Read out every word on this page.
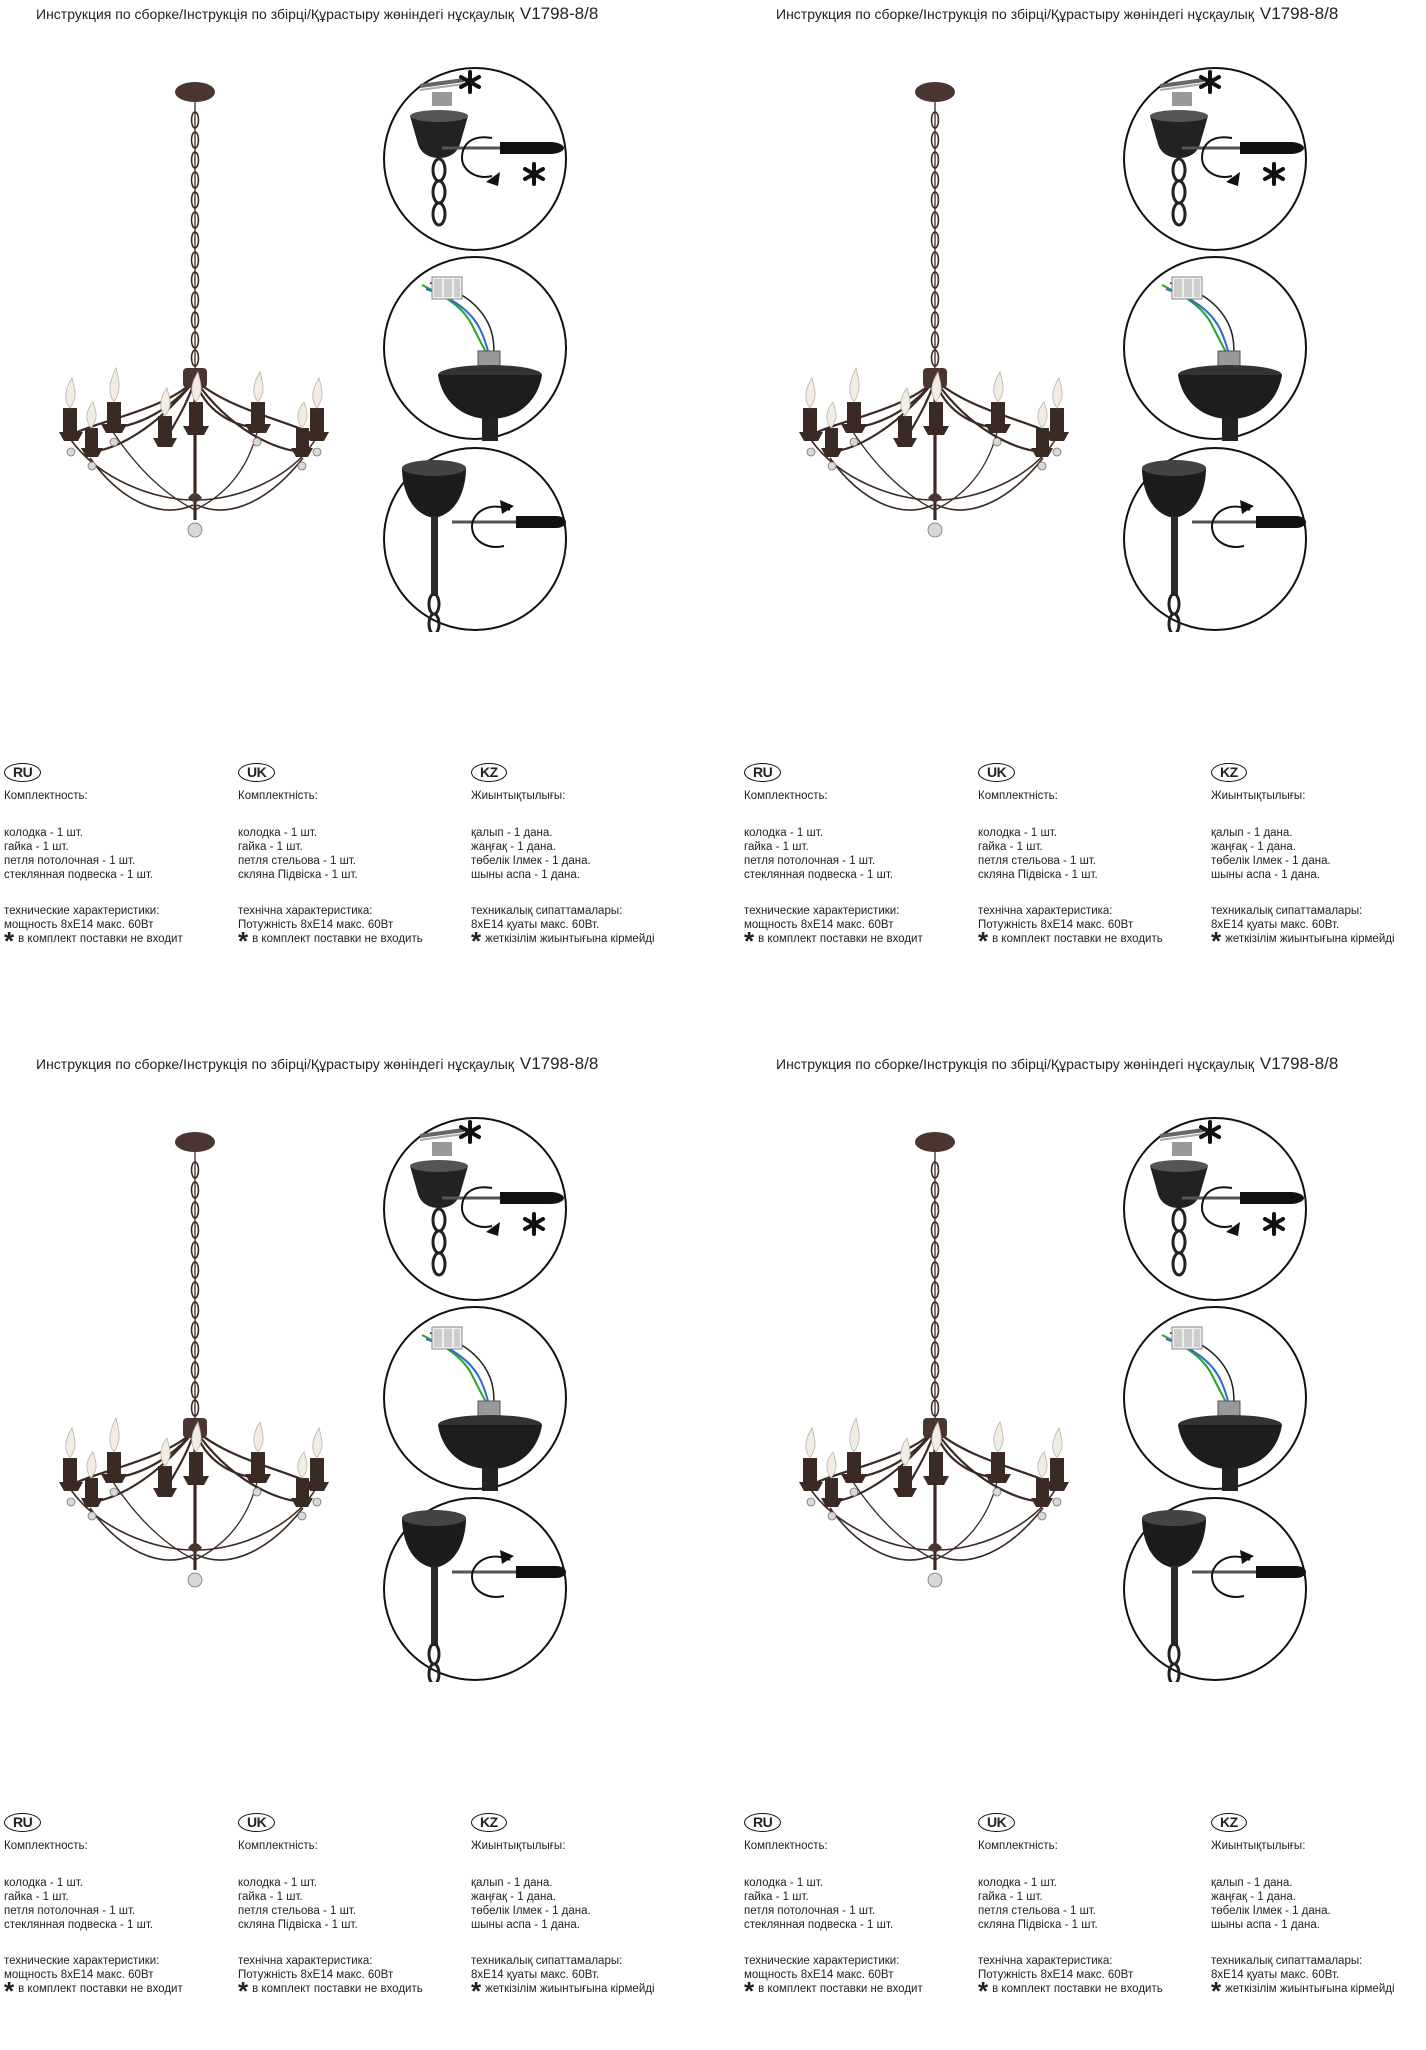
Инструкция по сборке/Інструкція по збірці/Құрастыру жөніндегі нұсқаулық V1798-8/8
RU
Комплектность:
колодка - 1 шт.
гайка - 1 шт.
петля потолочная - 1 шт.
стеклянная подвеска - 1 шт.
технические характеристики:
мощность 8хЕ14 макс. 60Вт
* в комплект поставки не входит
UK
Комплектність:
колодка - 1 шт.
гайка - 1 шт.
петля стельова - 1 шт.
скляна Підвіска - 1 шт.
технічна характеристика:
Потужність 8хЕ14 макс. 60Вт
* в комплект поставки не входить
KZ
Жиынтықтылығы:
қалып - 1 дана.
жаңғақ - 1 дана.
төбелік Ілмек - 1 дана.
шыны аспа - 1 дана.
техникалық сипаттамалары:
8хЕ14 қуаты макс. 60Вт.
* жеткізілім жиынтығына кірмейді
Инструкция по сборке/Інструкція по збірці/Құрастыру жөніндегі нұсқаулық V1798-8/8
RU
Комплектность:
колодка - 1 шт.
гайка - 1 шт.
петля потолочная - 1 шт.
стеклянная подвеска - 1 шт.
технические характеристики:
мощность 8хЕ14 макс. 60Вт
* в комплект поставки не входит
UK
Комплектність:
колодка - 1 шт.
гайка - 1 шт.
петля стельова - 1 шт.
скляна Підвіска - 1 шт.
технічна характеристика:
Потужність 8хЕ14 макс. 60Вт
* в комплект поставки не входить
KZ
Жиынтықтылығы:
қалып - 1 дана.
жаңғақ - 1 дана.
төбелік Ілмек - 1 дана.
шыны аспа - 1 дана.
техникалық сипаттамалары:
8хЕ14 қуаты макс. 60Вт.
* жеткізілім жиынтығына кірмейді
Инструкция по сборке/Інструкція по збірці/Құрастыру жөніндегі нұсқаулық V1798-8/8
RU
Комплектность:
колодка - 1 шт.
гайка - 1 шт.
петля потолочная - 1 шт.
стеклянная подвеска - 1 шт.
технические характеристики:
мощность 8хЕ14 макс. 60Вт
* в комплект поставки не входит
UK
Комплектність:
колодка - 1 шт.
гайка - 1 шт.
петля стельова - 1 шт.
скляна Підвіска - 1 шт.
технічна характеристика:
Потужність 8хЕ14 макс. 60Вт
* в комплект поставки не входить
KZ
Жиынтықтылығы:
қалып - 1 дана.
жаңғақ - 1 дана.
төбелік Ілмек - 1 дана.
шыны аспа - 1 дана.
техникалық сипаттамалары:
8хЕ14 қуаты макс. 60Вт.
* жеткізілім жиынтығына кірмейді
Инструкция по сборке/Інструкція по збірці/Құрастыру жөніндегі нұсқаулық V1798-8/8
RU
Комплектность:
колодка - 1 шт.
гайка - 1 шт.
петля потолочная - 1 шт.
стеклянная подвеска - 1 шт.
технические характеристики:
мощность 8хЕ14 макс. 60Вт
* в комплект поставки не входит
UK
Комплектність:
колодка - 1 шт.
гайка - 1 шт.
петля стельова - 1 шт.
скляна Підвіска - 1 шт.
технічна характеристика:
Потужність 8хЕ14 макс. 60Вт
* в комплект поставки не входить
KZ
Жиынтықтылығы:
қалып - 1 дана.
жаңғақ - 1 дана.
төбелік Ілмек - 1 дана.
шыны аспа - 1 дана.
техникалық сипаттамалары:
8хЕ14 қуаты макс. 60Вт.
* жеткізілім жиынтығына кірмейді
